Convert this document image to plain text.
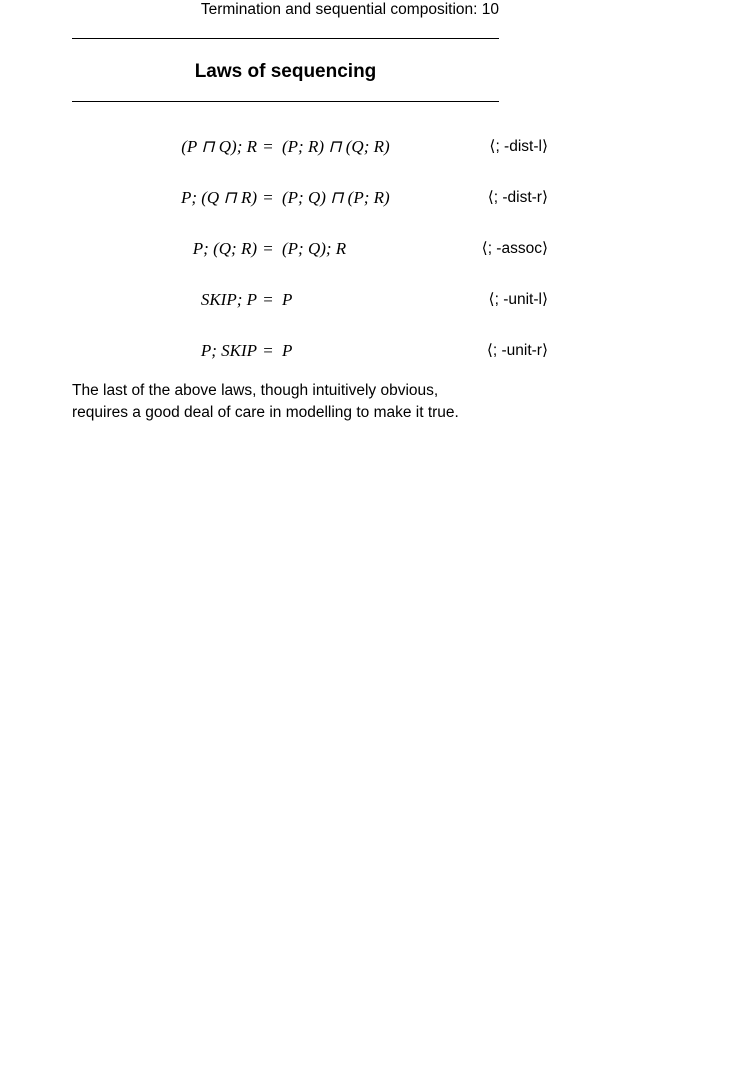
Termination and sequential composition: 10
Laws of sequencing
(P ⊓ Q); R = (P; R) ⊓ (Q; R)	⟨; -dist-l⟩
P; (Q ⊓ R) = (P; Q) ⊓ (P; R)	⟨; -dist-r⟩
P; (Q; R) = (P; Q); R	⟨; -assoc⟩
SKIP; P = P	⟨; -unit-l⟩
P; SKIP = P	⟨; -unit-r⟩
The last of the above laws, though intuitively obvious,
requires a good deal of care in modelling to make it true.
